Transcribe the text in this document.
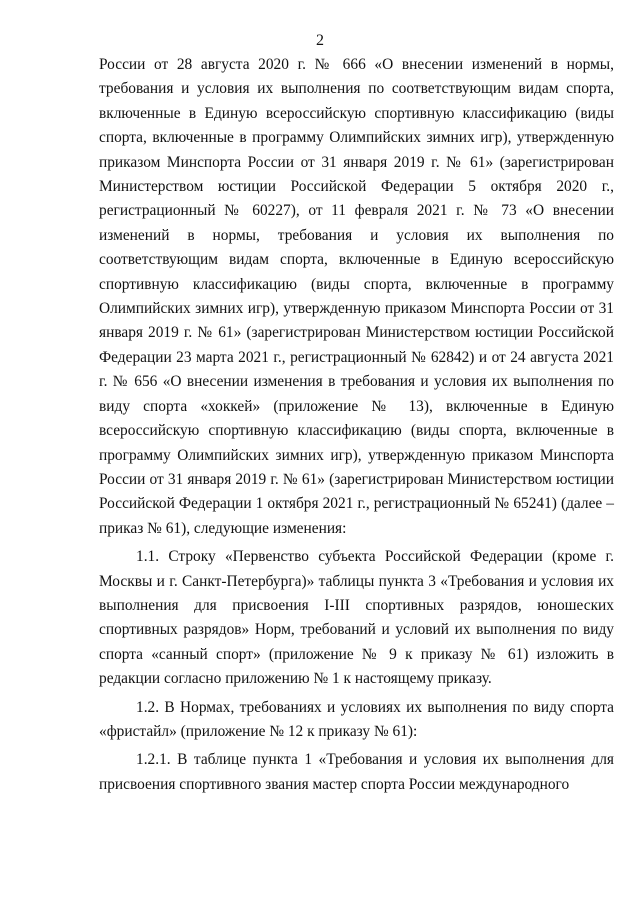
2

России от 28 августа 2020 г. № 666 «О внесении изменений в нормы, требования и условия их выполнения по соответствующим видам спорта, включенные в Единую всероссийскую спортивную классификацию (виды спорта, включенные в программу Олимпийских зимних игр), утвержденную приказом Минспорта России от 31 января 2019 г. № 61» (зарегистрирован Министерством юстиции Российской Федерации 5 октября 2020 г., регистрационный № 60227), от 11 февраля 2021 г. № 73 «О внесении изменений в нормы, требования и условия их выполнения по соответствующим видам спорта, включенные в Единую всероссийскую спортивную классификацию (виды спорта, включенные в программу Олимпийских зимних игр), утвержденную приказом Минспорта России от 31 января 2019 г. № 61» (зарегистрирован Министерством юстиции Российской Федерации 23 марта 2021 г., регистрационный № 62842) и от 24 августа 2021 г. № 656 «О внесении изменения в требования и условия их выполнения по виду спорта «хоккей» (приложение № 13), включенные в Единую всероссийскую спортивную классификацию (виды спорта, включенные в программу Олимпийских зимних игр), утвержденную приказом Минспорта России от 31 января 2019 г. № 61» (зарегистрирован Министерством юстиции Российской Федерации 1 октября 2021 г., регистрационный № 65241) (далее – приказ № 61), следующие изменения:

1.1. Строку «Первенство субъекта Российской Федерации (кроме г. Москвы и г. Санкт-Петербурга)» таблицы пункта 3 «Требования и условия их выполнения для присвоения I-III спортивных разрядов, юношеских спортивных разрядов» Норм, требований и условий их выполнения по виду спорта «санный спорт» (приложение № 9 к приказу № 61) изложить в редакции согласно приложению № 1 к настоящему приказу.

1.2. В Нормах, требованиях и условиях их выполнения по виду спорта «фристайл» (приложение № 12 к приказу № 61):

1.2.1. В таблице пункта 1 «Требования и условия их выполнения для присвоения спортивного звания мастер спорта России международного
